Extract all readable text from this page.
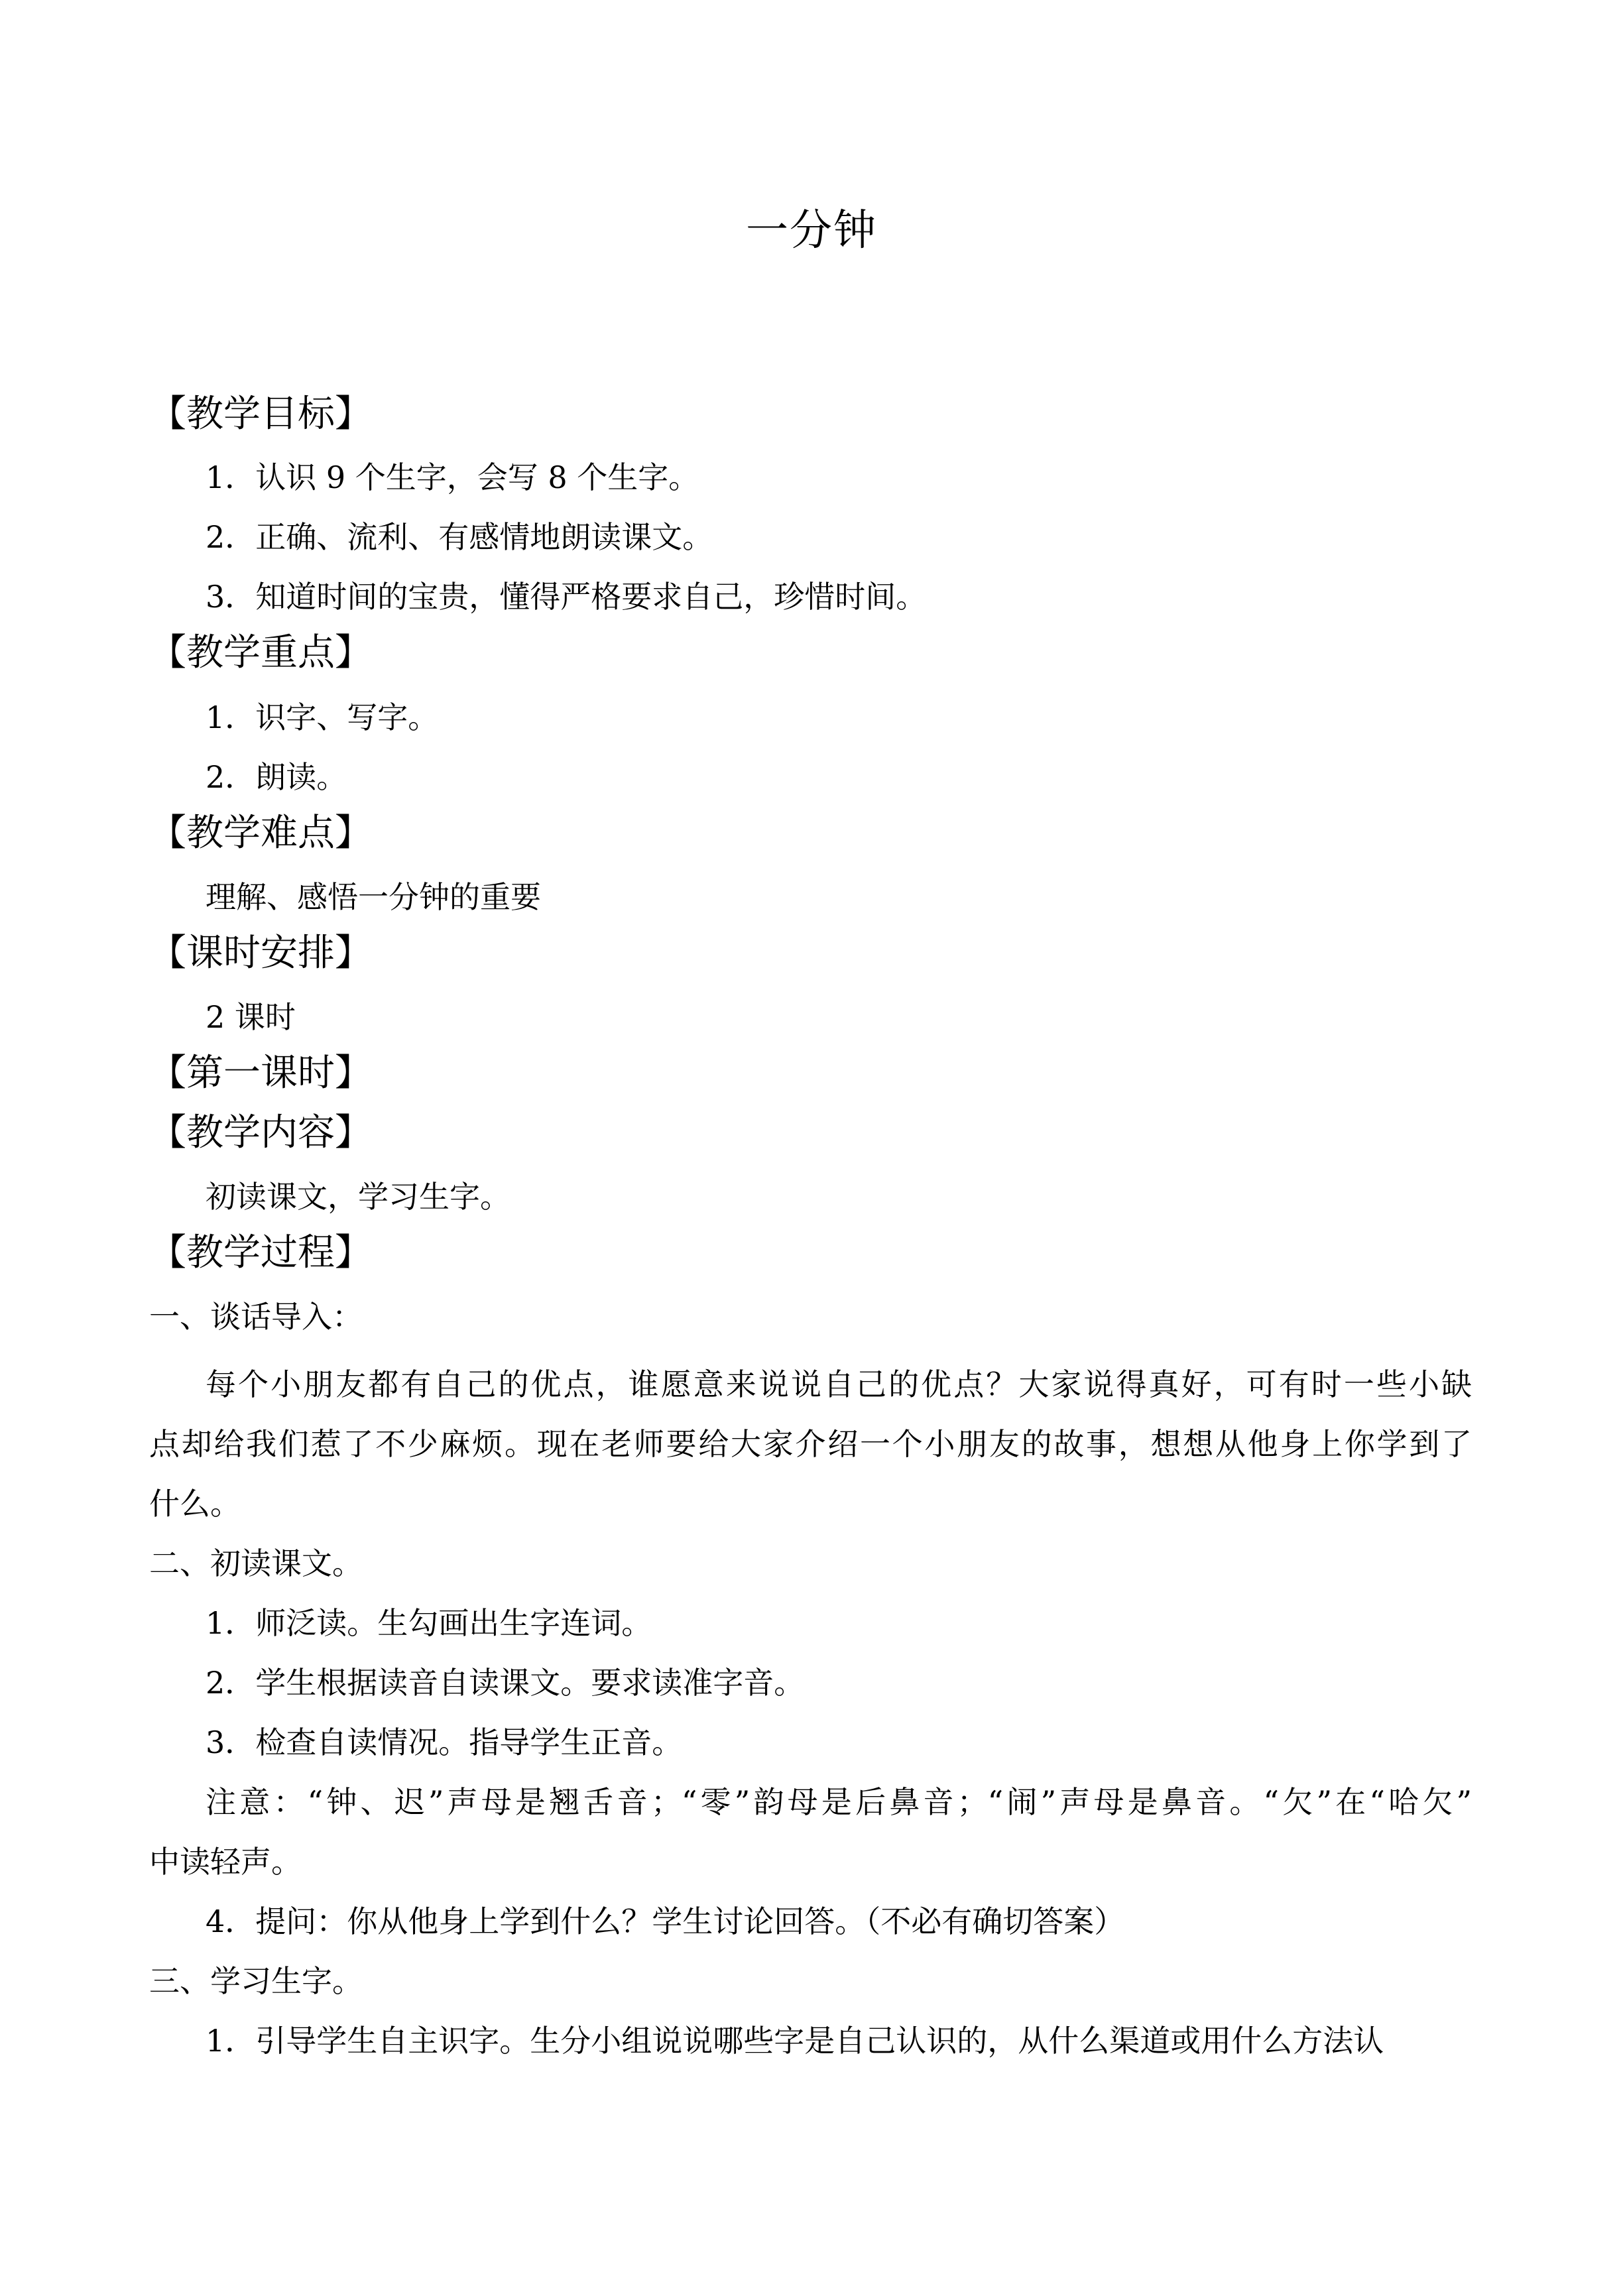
一分钟
【教学目标】
1．认识 9 个生字，会写 8 个生字。
2．正确、流利、有感情地朗读课文。
3．知道时间的宝贵，懂得严格要求自己，珍惜时间。
【教学重点】
1．识字、写字。
2．朗读。
【教学难点】
理解、感悟一分钟的重要
【课时安排】
2 课时
【第一课时】
【教学内容】
初读课文，学习生字。
【教学过程】
一、谈话导入：
每个小朋友都有自己的优点，谁愿意来说说自己的优点？大家说得真好，可有时一些小缺
点却给我们惹了不少麻烦。现在老师要给大家介绍一个小朋友的故事，想想从他身上你学到了
什么。
二、初读课文。
1．师泛读。生勾画出生字连词。
2．学生根据读音自读课文。要求读准字音。
3．检查自读情况。指导学生正音。
注意：“钟、迟”声母是翘舌音；“零”韵母是后鼻音；“闹”声母是鼻音。“欠”在“哈欠”
中读轻声。
4．提问：你从他身上学到什么？学生讨论回答。（不必有确切答案）
三、学习生字。
1．引导学生自主识字。生分小组说说哪些字是自己认识的，从什么渠道或用什么方法认
